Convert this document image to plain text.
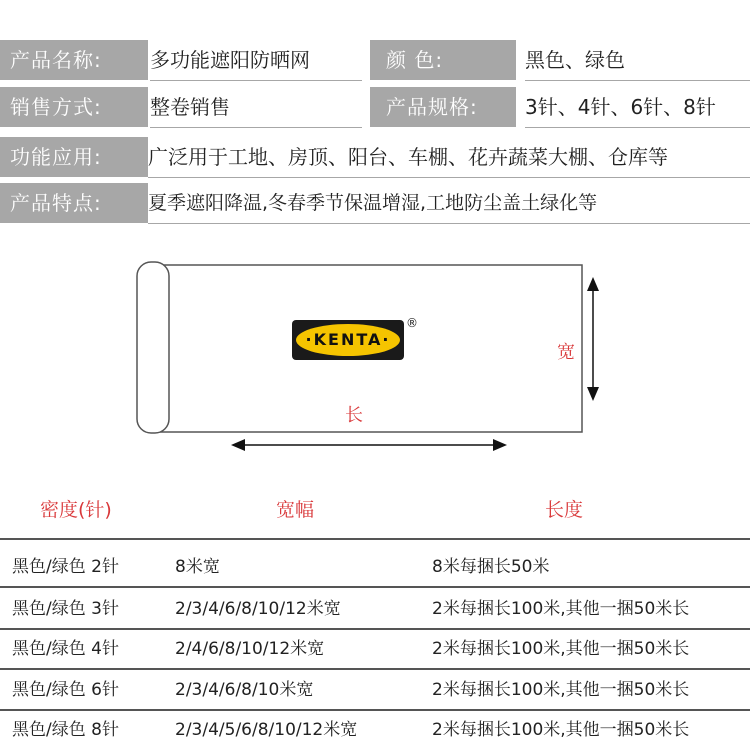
产品名称:	多功能遮阳防晒网	颜 色:	黑色、绿色
销售方式:	整卷销售	产品规格:	3针、4针、6针、8针
功能应用:	广泛用于工地、房顶、阳台、车棚、花卉蔬菜大棚、仓库等
产品特点:	夏季遮阳降温,冬春季节保温增湿,工地防尘盖土绿化等
宽
长
·KENTA·
®
密度(针)	宽幅	长度
黑色/绿色 2针	8米宽	8米每捆长50米
黑色/绿色 3针	2/3/4/6/8/10/12米宽	2米每捆长100米,其他一捆50米长
黑色/绿色 4针	2/4/6/8/10/12米宽	2米每捆长100米,其他一捆50米长
黑色/绿色 6针	2/3/4/6/8/10米宽	2米每捆长100米,其他一捆50米长
黑色/绿色 8针	2/3/4/5/6/8/10/12米宽	2米每捆长100米,其他一捆50米长
